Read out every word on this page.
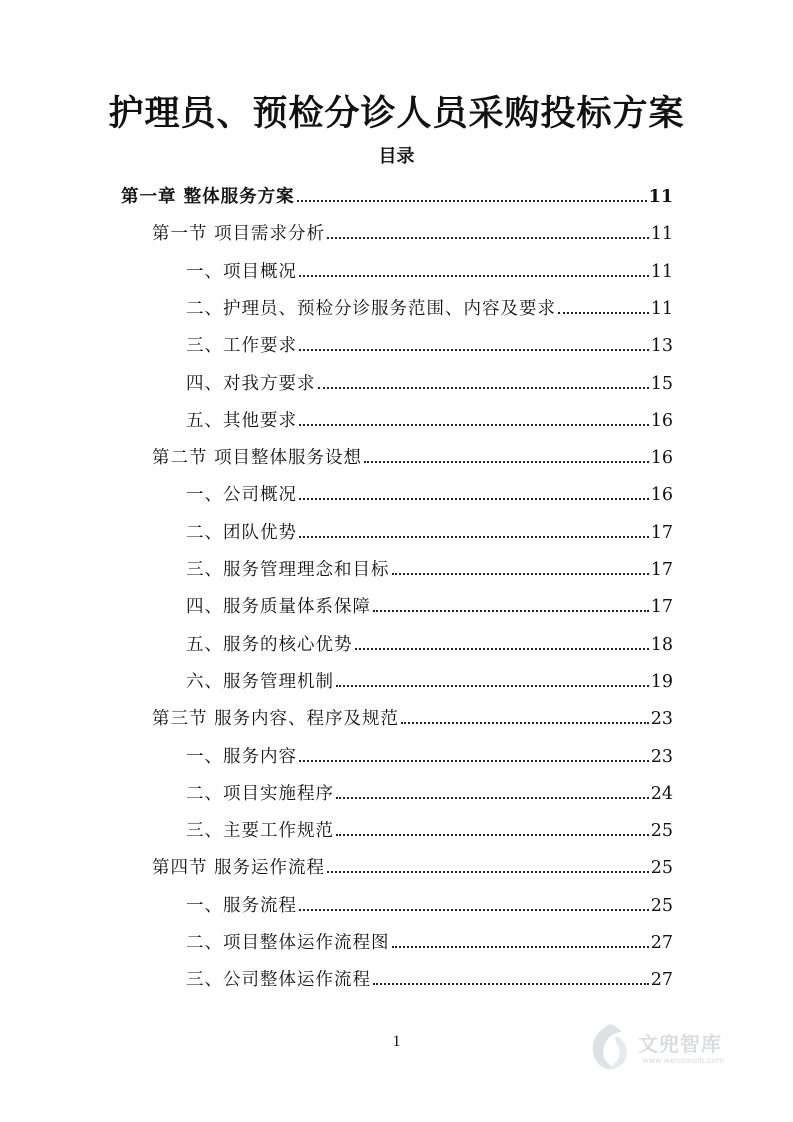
护理员、预检分诊人员采购投标方案
目录
第一章 整体服务方案	11
第一节 项目需求分析	11
一、项目概况	11
二、护理员、预检分诊服务范围、内容及要求	11
三、工作要求	13
四、对我方要求	15
五、其他要求	16
第二节 项目整体服务设想	16
一、公司概况	16
二、团队优势	17
三、服务管理理念和目标	17
四、服务质量体系保障	17
五、服务的核心优势	18
六、服务管理机制	19
第三节 服务内容、程序及规范	23
一、服务内容	23
二、项目实施程序	24
三、主要工作规范	25
第四节 服务运作流程	25
一、服务流程	25
二、项目整体运作流程图	27
三、公司整体运作流程	27
1	文兜智库
www.wendoulib.com
